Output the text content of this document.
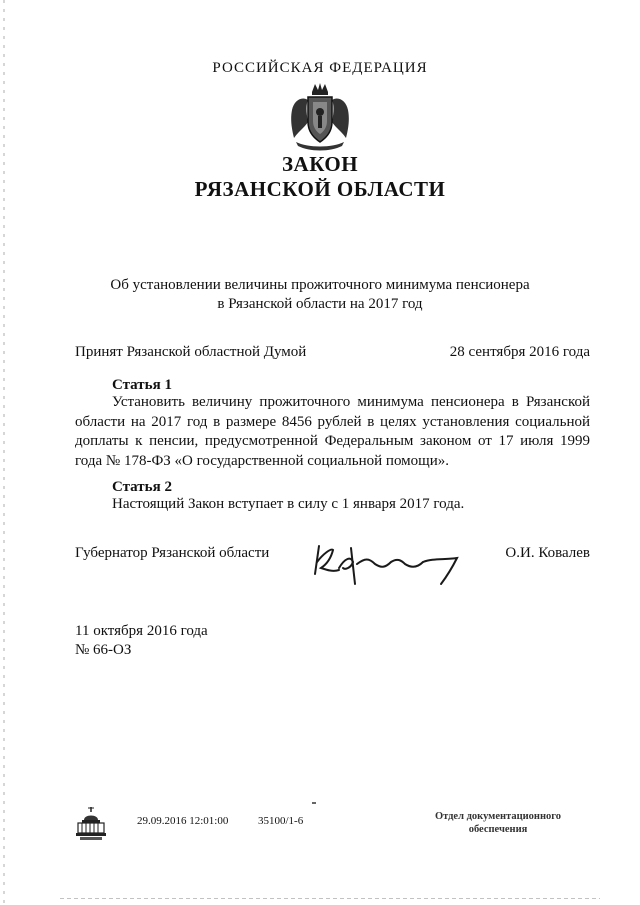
РОССИЙСКАЯ ФЕДЕРАЦИЯ
ЗАКОН
РЯЗАНСКОЙ ОБЛАСТИ
Об установлении величины прожиточного минимума пенсионера
в Рязанской области на 2017 год
Принят Рязанской областной Думой	28 сентября 2016 года
Статья 1

Установить величину прожиточного минимума пенсионера в Рязанской области на 2017 год в размере 8456 рублей в целях установления социальной доплаты к пенсии, предусмотренной Федеральным законом от 17 июля 1999 года № 178-ФЗ «О государственной социальной помощи».

Статья 2
Настоящий Закон вступает в силу с 1 января 2017 года.
Губернатор Рязанской области	О.И. Ковалев
11 октября 2016 года
№ 66-ОЗ
29.09.2016 12:01:00	35100/1-6	Отдел документационного
обеспечения
